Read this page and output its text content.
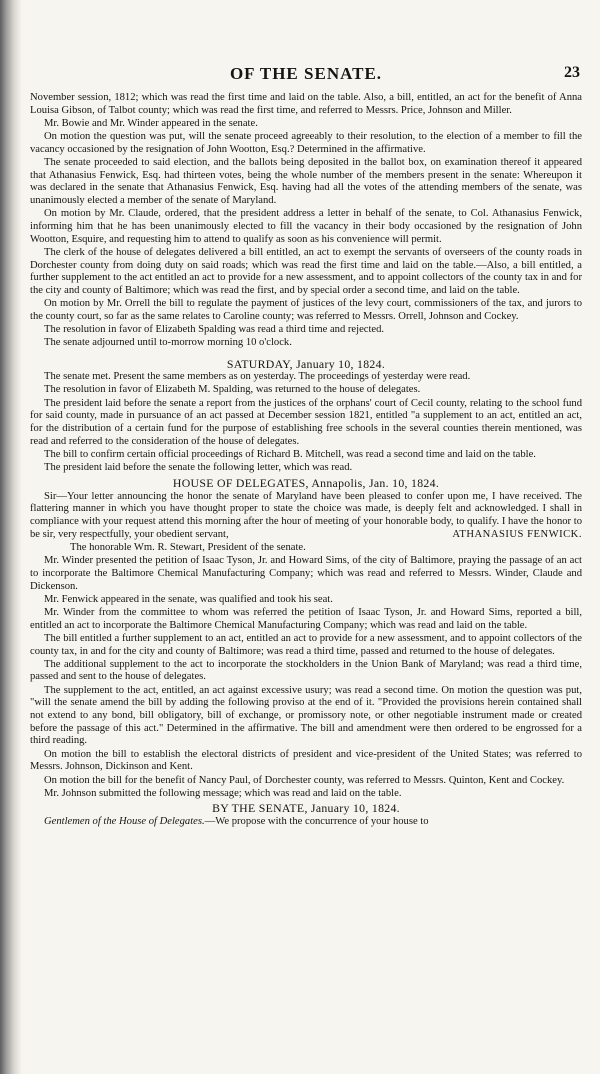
OF THE SENATE.	23

November session, 1812; which was read the first time and laid on the table. Also, a bill, entitled, an act for the benefit of Anna Louisa Gibson, of Talbot county; which was read the first time, and referred to Messrs. Price, Johnson and Miller.

Mr. Bowie and Mr. Winder appeared in the senate.

On motion the question was put, will the senate proceed agreeably to their resolution, to the election of a member to fill the vacancy occasioned by the resignation of John Wootton, Esq.? Determined in the affirmative.

The senate proceeded to said election, and the ballots being deposited in the ballot box, on examination thereof it appeared that Athanasius Fenwick, Esq. had thirteen votes, being the whole number of the members present in the senate: Whereupon it was declared in the senate that Athanasius Fenwick, Esq. having had all the votes of the attending members of the senate, was unanimously elected a member of the senate of Maryland.

On motion by Mr. Claude, ordered, that the president address a letter in behalf of the senate, to Col. Athanasius Fenwick, informing him that he has been unanimously elected to fill the vacancy in their body occasioned by the resignation of John Wootton, Esquire, and requesting him to attend to qualify as soon as his convenience will permit.

The clerk of the house of delegates delivered a bill entitled, an act to exempt the servants of overseers of the county roads in Dorchester county from doing duty on said roads; which was read the first time and laid on the table.—Also, a bill entitled, a further supplement to the act entitled an act to provide for a new assessment, and to appoint collectors of the county tax in and for the city and county of Baltimore; which was read the first, and by special order a second time, and laid on the table.

On motion by Mr. Orrell the bill to regulate the payment of justices of the levy court, commissioners of the tax, and jurors to the county court, so far as the same relates to Caroline county; was referred to Messrs. Orrell, Johnson and Cockey.

The resolution in favor of Elizabeth Spalding was read a third time and rejected.

The senate adjourned until to-morrow morning 10 o'clock.

SATURDAY, January 10, 1824.

The senate met. Present the same members as on yesterday. The proceedings of yesterday were read.

The resolution in favor of Elizabeth M. Spalding, was returned to the house of delegates.

The president laid before the senate a report from the justices of the orphans' court of Cecil county, relating to the school fund for said county, made in pursuance of an act passed at December session 1821, entitled "a supplement to an act, entitled an act, for the distribution of a certain fund for the purpose of establishing free schools in the several counties therein mentioned, was read and referred to the consideration of the house of delegates.

The bill to confirm certain official proceedings of Richard B. Mitchell, was read a second time and laid on the table.

The president laid before the senate the following letter, which was read.

HOUSE OF DELEGATES, Annapolis, Jan. 10, 1824.

Sir—Your letter announcing the honor the senate of Maryland have been pleased to confer upon me, I have received. The flattering manner in which you have thought proper to state the choice was made, is deeply felt and acknowledged. I shall in compliance with your request attend this morning after the hour of meeting of your honorable body, to qualify. I have the honor to be sir, very respectfully, your obedient servant,	ATHANASIUS FENWICK.

The honorable Wm. R. Stewart, President of the senate.

Mr. Winder presented the petition of Isaac Tyson, Jr. and Howard Sims, of the city of Baltimore, praying the passage of an act to incorporate the Baltimore Chemical Manufacturing Company; which was read and referred to Messrs. Winder, Claude and Dickenson.

Mr. Fenwick appeared in the senate, was qualified and took his seat.

Mr. Winder from the committee to whom was referred the petition of Isaac Tyson, Jr. and Howard Sims, reported a bill, entitled an act to incorporate the Baltimore Chemical Manufacturing Company; which was read and laid on the table.

The bill entitled a further supplement to an act, entitled an act to provide for a new assessment, and to appoint collectors of the county tax, in and for the city and county of Baltimore; was read a third time, passed and returned to the house of delegates.

The additional supplement to the act to incorporate the stockholders in the Union Bank of Maryland; was read a third time, passed and sent to the house of delegates.

The supplement to the act, entitled, an act against excessive usury; was read a second time. On motion the question was put, "will the senate amend the bill by adding the following proviso at the end of it. "Provided the provisions herein contained shall not extend to any bond, bill obligatory, bill of exchange, or promissory note, or other negotiable instrument made or created before the passage of this act." Determined in the affirmative. The bill and amendment were then ordered to be engrossed for a third reading.

On motion the bill to establish the electoral districts of president and vice-president of the United States; was referred to Messrs. Johnson, Dickinson and Kent.

On motion the bill for the benefit of Nancy Paul, of Dorchester county, was referred to Messrs. Quinton, Kent and Cockey.

Mr. Johnson submitted the following message; which was read and laid on the table.

BY THE SENATE, January 10, 1824.

Gentlemen of the House of Delegates.—We propose with the concurrence of your house to
